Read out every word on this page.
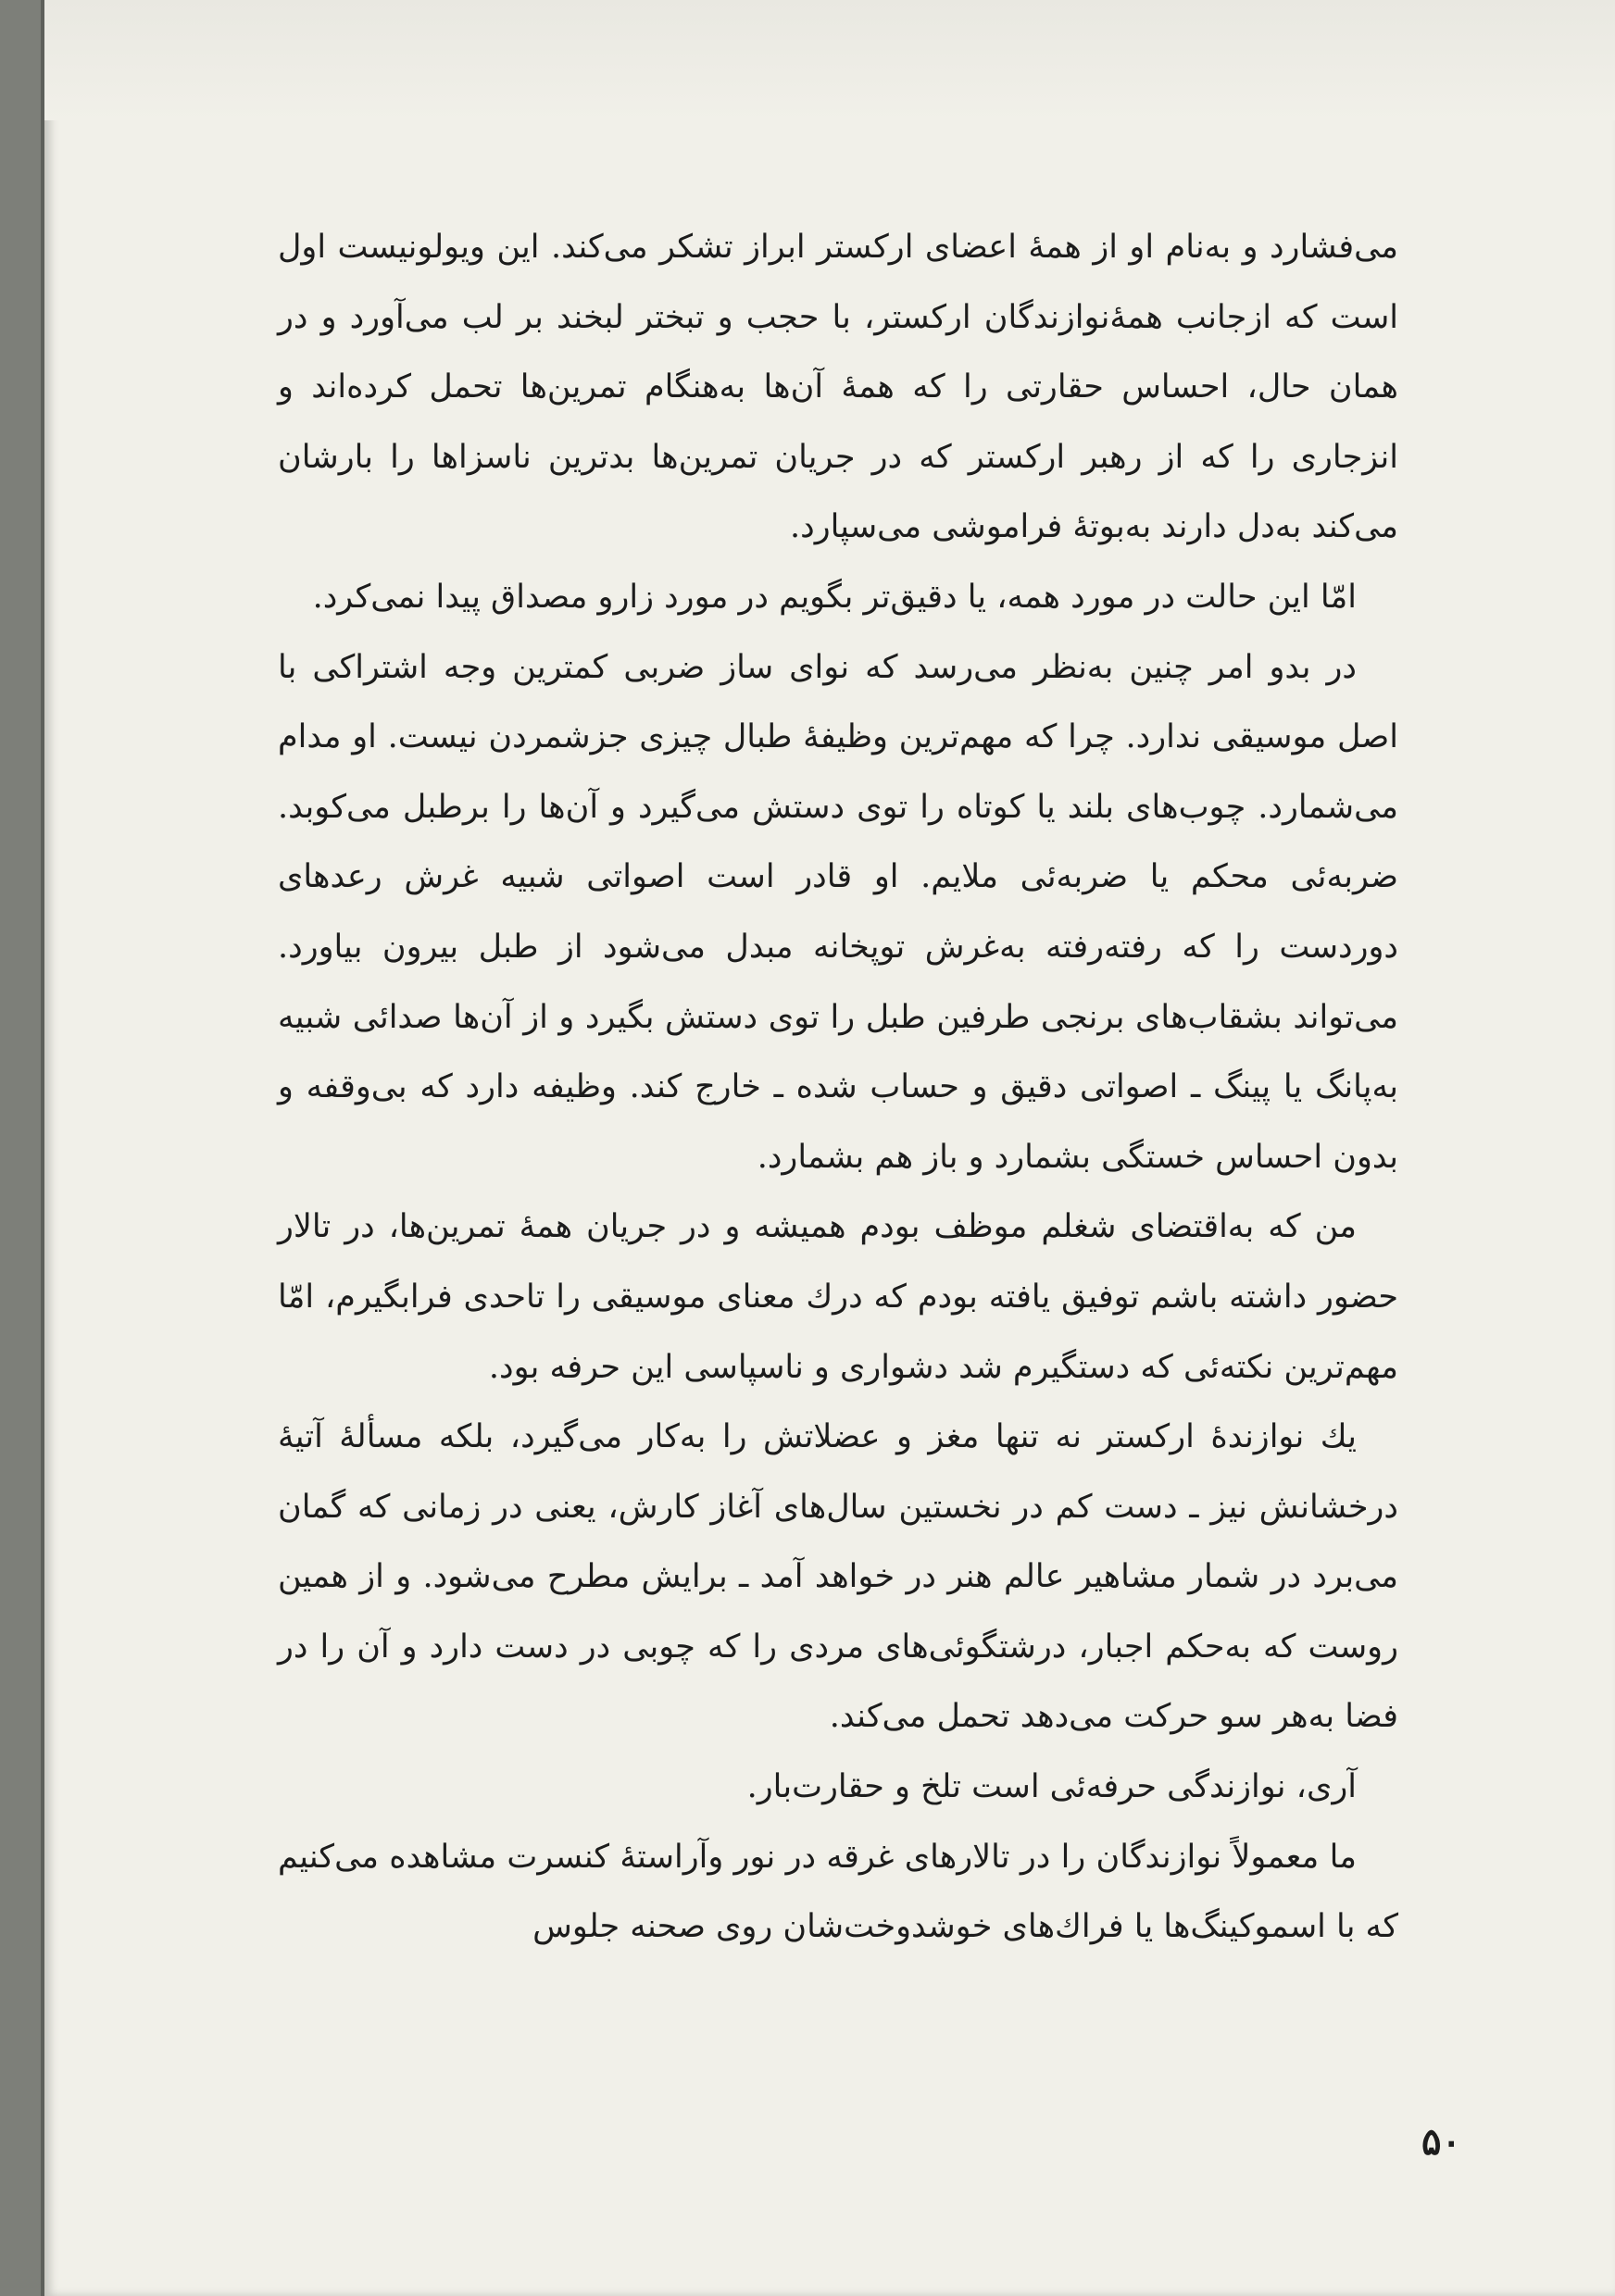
می‌فشارد و به‌نام او از همهٔ اعضای ارکستر ابراز تشکر می‌کند. این ویولونیست اول است که ازجانب همهٔ‌نوازندگان ارکستر، با حجب و تبختر لبخند بر لب می‌آورد و در همان حال، احساس حقارتی را که همهٔ آن‌ها به‌هنگام تمرین‌ها تحمل کرده‌اند و انزجاری را که از رهبر ارکستر که در جریان تمرین‌ها بدترین ناسزاها را بارشان می‌کند به‌دل دارند به‌بوتهٔ فراموشی می‌سپارد.

امّا این حالت در مورد همه، یا دقیق‌تر بگویم در مورد زارو مصداق پیدا نمی‌کرد.

در بدو امر چنین به‌نظر می‌رسد که نوای ساز ضربی کمترین وجه اشتراکی با اصل موسیقی ندارد. چرا که مهم‌ترین وظیفهٔ طبال چیزی جزشمردن نیست. او مدام می‌شمارد. چوب‌های بلند یا کوتاه را توی دستش می‌گیرد و آن‌ها را برطبل می‌کوبد. ضربه‌ئی محکم یا ضربه‌ئی ملایم. او قادر است اصواتی شبیه غرش رعدهای دوردست را که رفته‌رفته به‌غرش توپخانه مبدل می‌شود از طبل بیرون بیاورد. می‌تواند بشقاب‌های برنجی طرفین طبل را توی دستش بگیرد و از آن‌ها صدائی شبیه به‌پانگ یا پینگ ـ اصواتی دقیق و حساب شده ـ خارج کند. وظیفه دارد که بی‌وقفه و بدون احساس خستگی بشمارد و باز هم بشمارد.

من که به‌اقتضای شغلم موظف بودم همیشه و در جریان همهٔ تمرین‌ها، در تالار حضور داشته باشم توفیق یافته بودم که درك معنای موسیقی را تاحدی فرابگیرم، امّا مهم‌ترین نکته‌ئی که دستگیرم شد دشواری و ناسپاسی این حرفه بود.

یك نوازندهٔ ارکستر نه تنها مغز و عضلاتش را به‌کار می‌گیرد، بلکه مسألهٔ آتیهٔ درخشانش نیز ـ دست کم در نخستین سال‌های آغاز کارش، یعنی در زمانی که گمان می‌برد در شمار مشاهیر عالم هنر در خواهد آمد ـ برایش مطرح می‌شود. و از همین روست که به‌حکم اجبار، درشتگوئی‌های مردی را که چوبی در دست دارد و آن را در فضا به‌هر سو حرکت می‌دهد تحمل می‌کند.

آری، نوازندگی حرفه‌ئی است تلخ و حقارت‌بار.

ما معمولاً نوازندگان را در تالارهای غرقه در نور وآراستهٔ کنسرت مشاهده می‌کنیم که با اسموکینگ‌ها یا فراك‌های خوشدوخت‌شان روی صحنه جلوس

۵۰
